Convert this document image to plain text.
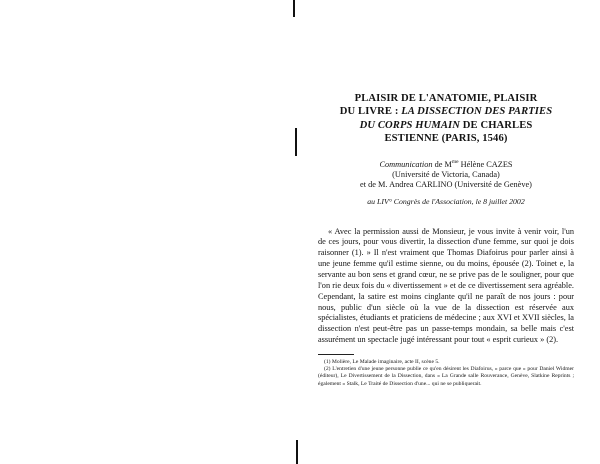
PLAISIR DE L'ANATOMIE, PLAISIR
DU LIVRE : LA DISSECTION DES PARTIES
DU CORPS HUMAIN DE CHARLES
ESTIENNE (PARIS, 1546)
Communication de $M^{me}$ Hélène CAZES
(Université de Victoria, Canada)
et de M. Andrea CARLINO (Université de Genève)
au LIV° Congrès de l'Association, le 8 juillet 2002

« Avec la permission aussi de Monsieur, je vous invite à venir voir, l'un de ces jours, pour vous divertir, la dissection d'une femme, sur quoi je dois raisonner (1). » Il n'est vraiment que Thomas Diafoirus pour parler ainsi à une jeune femme qu'il estime sienne, ou du moins, épousée (2). Toinet e, la servante au bon sens et grand cœur, ne se prive pas de le souligner, pour que l'on rie deux fois du « divertissement » et de ce divertissement sera agréable. Cependant, la satire est moins cinglante qu'il ne paraît de nos jours : pour nous, public d'un siècle où la vue de la dissection est réservée aux spécialistes, étudiants et praticiens de médecine ; aux XVI et XVII siècles, la dissection n'est peut-être pas un passe-temps mondain, sa belle mais c'est assurément un spectacle jugé intéressant pour tout « esprit curieux » (2).

(1) Molière, Le Malade imaginaire, acte II, scène 5.

(2) L'entretien d'une jeune personne publie ce qu'en désirent les Diafoirus, « parce que » pour Daniel Widmer (éditeur), Le Divertissement de la Dissection, dans « La Grande salle Rouverance, Genève, Slatkine Reprints ; également » Stalk, Le Traité de Dissection d'une... qui ne se publiquerait.
